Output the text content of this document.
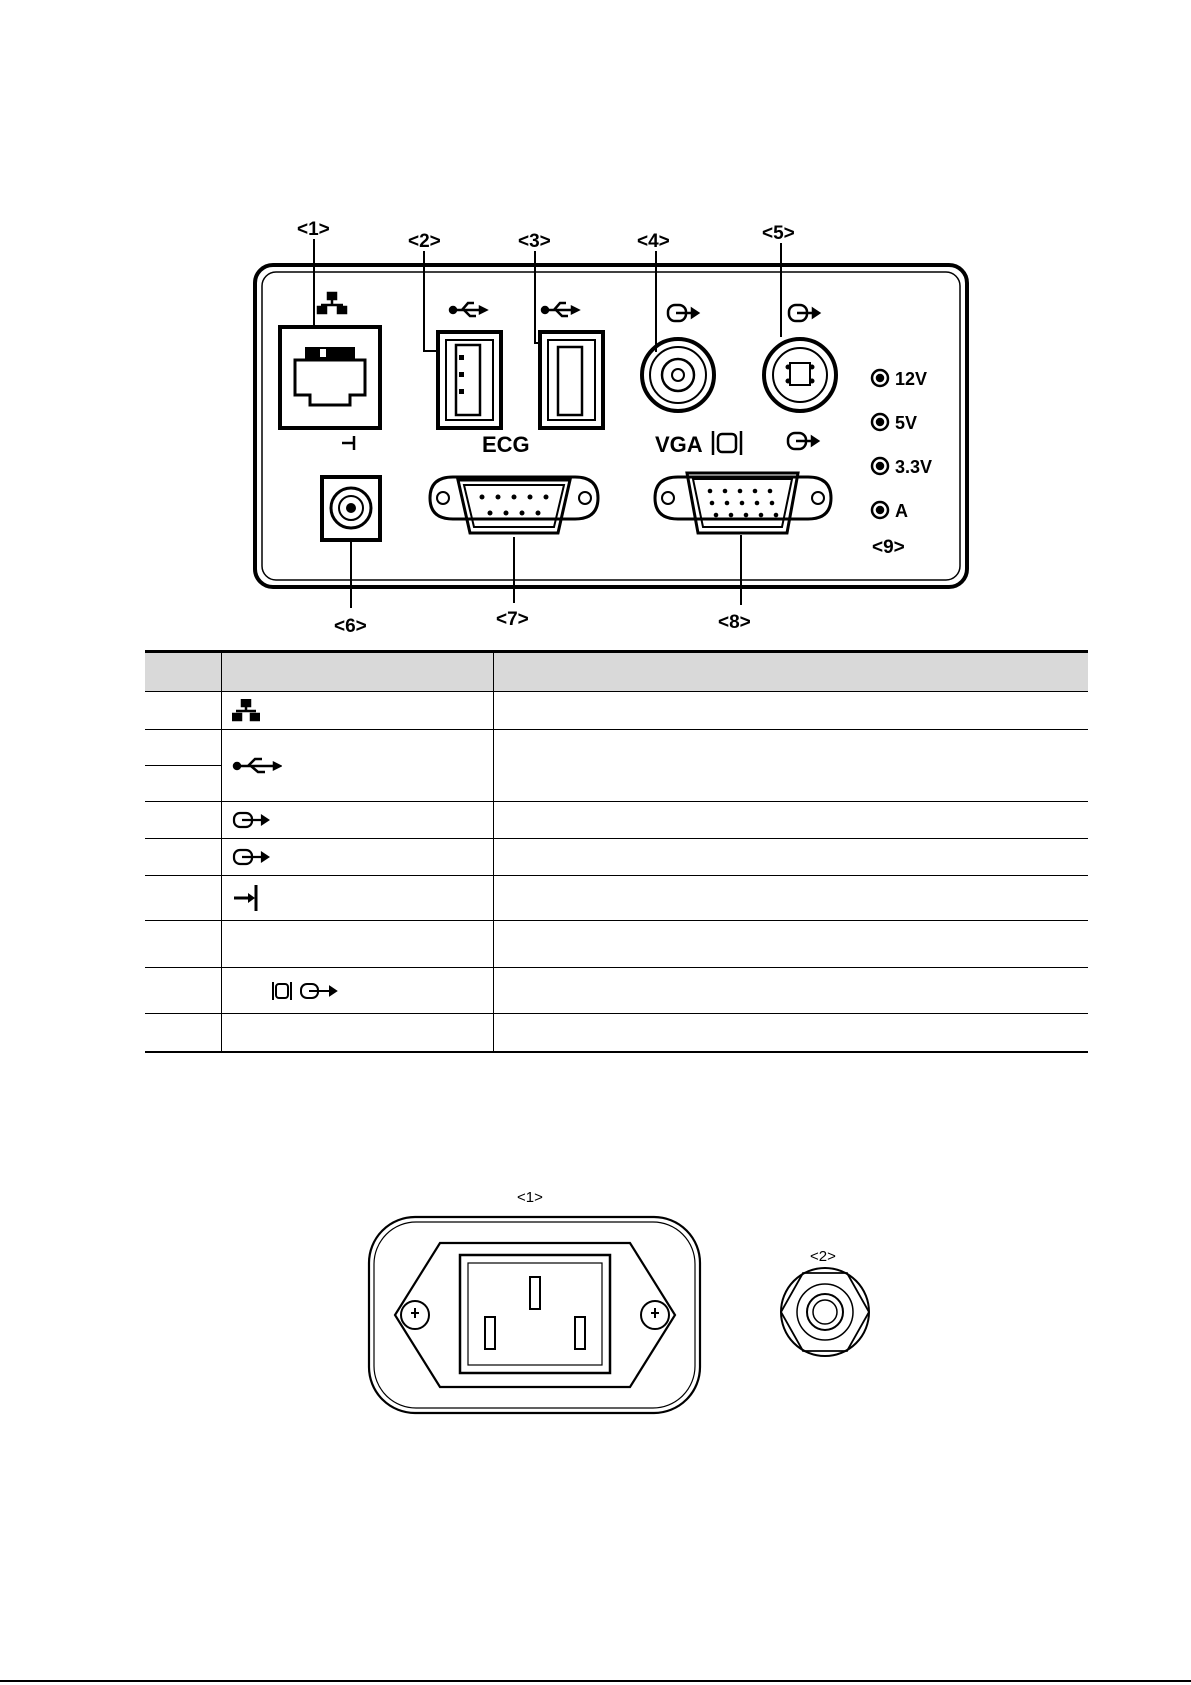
<1>
<2>	<3>	<4>	<5>
<6>	<7>	<8>
<9>
ECG	VGA
12V
5V
3.3V
A

<1>
<2>
